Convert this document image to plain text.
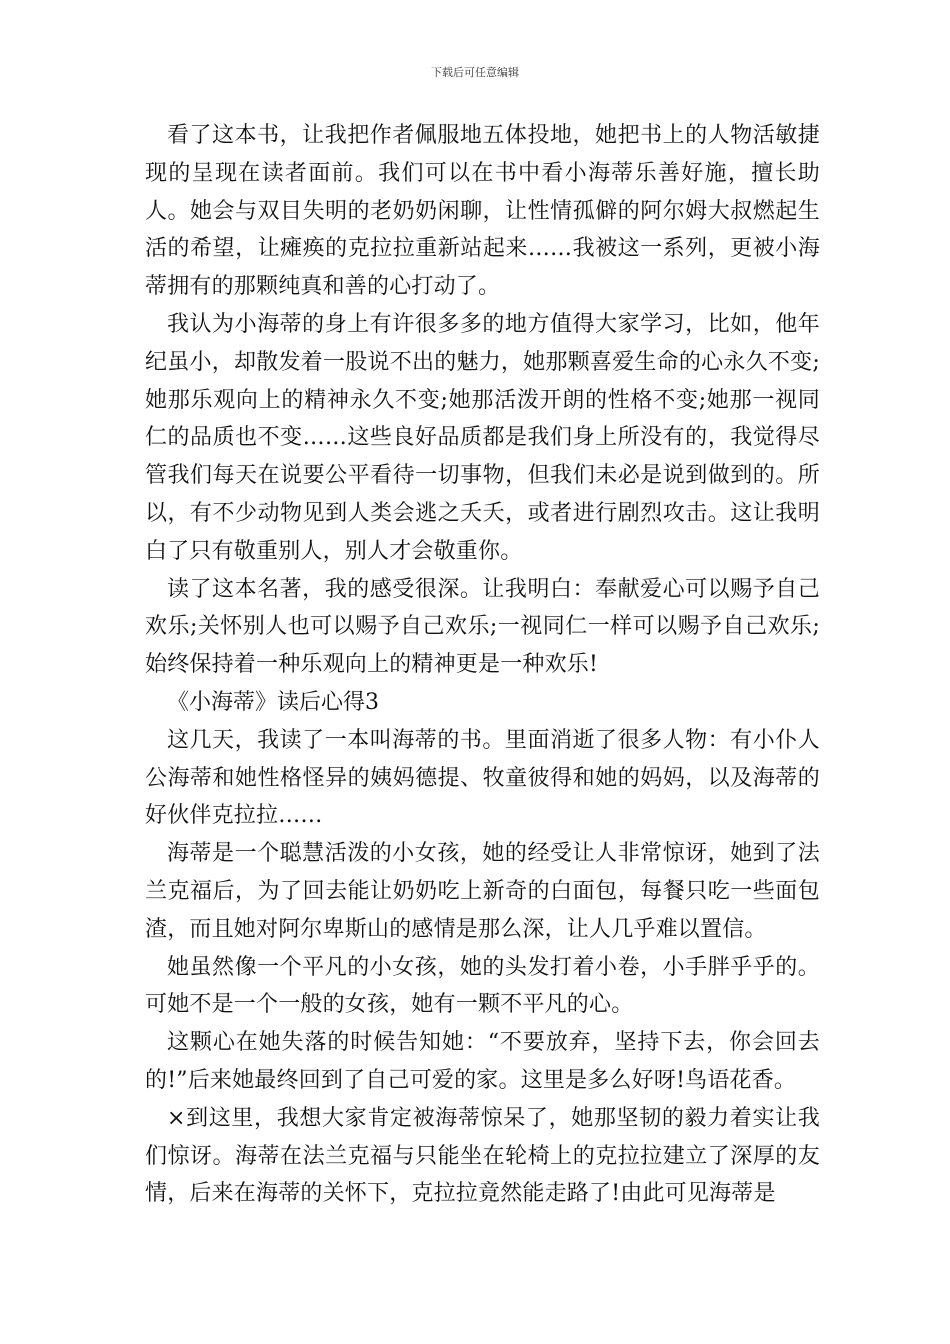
下载后可任意编辑

看了这本书，让我把作者佩服地五体投地，她把书上的人物活敏捷现的呈现在读者面前。我们可以在书中看小海蒂乐善好施，擅长助人。她会与双目失明的老奶奶闲聊，让性情孤僻的阿尔姆大叔燃起生活的希望，让瘫痪的克拉拉重新站起来……我被这一系列，更被小海蒂拥有的那颗纯真和善的心打动了。

我认为小海蒂的身上有许很多多的地方值得大家学习，比如，他年纪虽小，却散发着一股说不出的魅力，她那颗喜爱生命的心永久不变;她那乐观向上的精神永久不变;她那活泼开朗的性格不变;她那一视同仁的品质也不变……这些良好品质都是我们身上所没有的，我觉得尽管我们每天在说要公平看待一切事物，但我们未必是说到做到的。所以，有不少动物见到人类会逃之夭夭，或者进行剧烈攻击。这让我明白了只有敬重别人，别人才会敬重你。

读了这本名著，我的感受很深。让我明白：奉献爱心可以赐予自己欢乐;关怀别人也可以赐予自己欢乐;一视同仁一样可以赐予自己欢乐;始终保持着一种乐观向上的精神更是一种欢乐!

《小海蒂》读后心得3

这几天，我读了一本叫海蒂的书。里面消逝了很多人物：有小仆人公海蒂和她性格怪异的姨妈德提、牧童彼得和她的妈妈，以及海蒂的好伙伴克拉拉……

海蒂是一个聪慧活泼的小女孩，她的经受让人非常惊讶，她到了法兰克福后，为了回去能让奶奶吃上新奇的白面包，每餐只吃一些面包渣，而且她对阿尔卑斯山的感情是那么深，让人几乎难以置信。

她虽然像一个平凡的小女孩，她的头发打着小卷，小手胖乎乎的。可她不是一个一般的女孩，她有一颗不平凡的心。

这颗心在她失落的时候告知她：“不要放弃，坚持下去，你会回去的!”后来她最终回到了自己可爱的家。这里是多么好呀!鸟语花香。

×到这里，我想大家肯定被海蒂惊呆了，她那坚韧的毅力着实让我们惊讶。海蒂在法兰克福与只能坐在轮椅上的克拉拉建立了深厚的友情，后来在海蒂的关怀下，克拉拉竟然能走路了!由此可见海蒂是
